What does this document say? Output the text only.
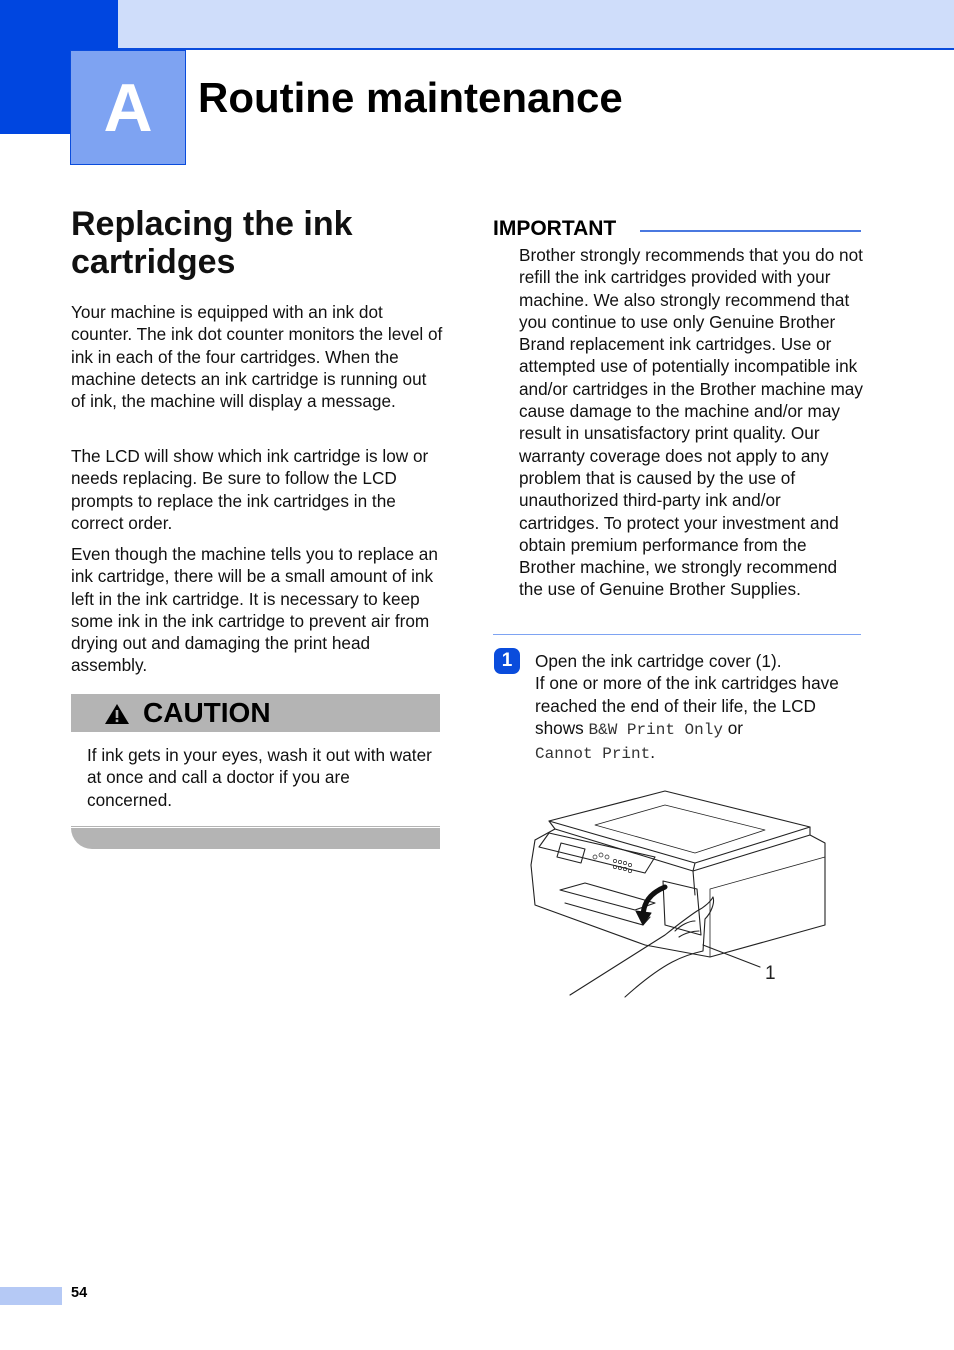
A	Routine maintenance
Replacing the ink cartridges

Your machine is equipped with an ink dot counter. The ink dot counter monitors the level of ink in each of the four cartridges. When the machine detects an ink cartridge is running out of ink, the machine will display a message.

The LCD will show which ink cartridge is low or needs replacing. Be sure to follow the LCD prompts to replace the ink cartridges in the correct order.

Even though the machine tells you to replace an ink cartridge, there will be a small amount of ink left in the ink cartridge. It is necessary to keep some ink in the ink cartridge to prevent air from drying out and damaging the print head assembly.

CAUTION

If ink gets in your eyes, wash it out with water at once and call a doctor if you are concerned.

IMPORTANT

Brother strongly recommends that you do not refill the ink cartridges provided with your machine. We also strongly recommend that you continue to use only Genuine Brother Brand replacement ink cartridges. Use or attempted use of potentially incompatible ink and/or cartridges in the Brother machine may cause damage to the machine and/or may result in unsatisfactory print quality. Our warranty coverage does not apply to any problem that is caused by the use of unauthorized third-party ink and/or cartridges. To protect your investment and obtain premium performance from the Brother machine, we strongly recommend the use of Genuine Brother Supplies.

1	Open the ink cartridge cover (1).
If one or more of the ink cartridges have reached the end of their life, the LCD shows B&W Print Only or
Cannot Print.

1
54
